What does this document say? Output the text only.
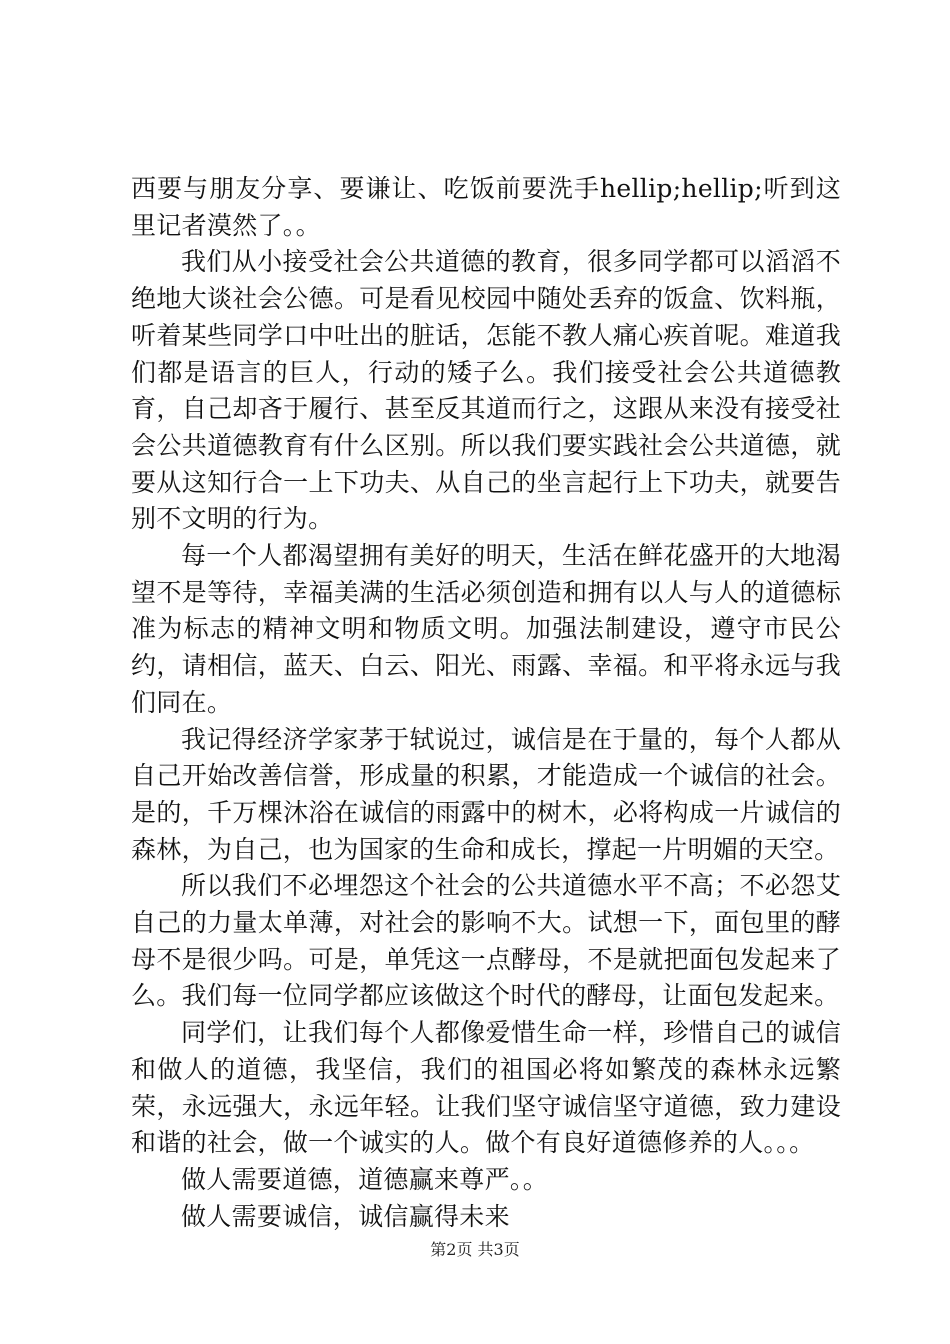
西要与朋友分享、要谦让、吃饭前要洗手hellip;hellip;听到这里记者漠然了。。

我们从小接受社会公共道德的教育，很多同学都可以滔滔不绝地大谈社会公德。可是看见校园中随处丢弃的饭盒、饮料瓶，听着某些同学口中吐出的脏话，怎能不教人痛心疾首呢。难道我们都是语言的巨人，行动的矮子么。我们接受社会公共道德教育，自己却吝于履行、甚至反其道而行之，这跟从来没有接受社会公共道德教育有什么区别。所以我们要实践社会公共道德，就要从这知行合一上下功夫、从自己的坐言起行上下功夫，就要告别不文明的行为。

每一个人都渴望拥有美好的明天，生活在鲜花盛开的大地渴望不是等待，幸福美满的生活必须创造和拥有以人与人的道德标准为标志的精神文明和物质文明。加强法制建设，遵守市民公约，请相信，蓝天、白云、阳光、雨露、幸福。和平将永远与我们同在。

我记得经济学家茅于轼说过，诚信是在于量的，每个人都从自己开始改善信誉，形成量的积累，才能造成一个诚信的社会。是的，千万棵沐浴在诚信的雨露中的树木，必将构成一片诚信的森林，为自己，也为国家的生命和成长，撑起一片明媚的天空。

所以我们不必埋怨这个社会的公共道德水平不高；不必怨艾自己的力量太单薄，对社会的影响不大。试想一下，面包里的酵母不是很少吗。可是，单凭这一点酵母，不是就把面包发起来了么。我们每一位同学都应该做这个时代的酵母，让面包发起来。

同学们，让我们每个人都像爱惜生命一样，珍惜自己的诚信和做人的道德，我坚信，我们的祖国必将如繁茂的森林永远繁荣，永远强大，永远年轻。让我们坚守诚信坚守道德，致力建设和谐的社会，做一个诚实的人。做个有良好道德修养的人。。。

做人需要道德，道德赢来尊严。。

做人需要诚信，诚信赢得未来

第2页 共3页
